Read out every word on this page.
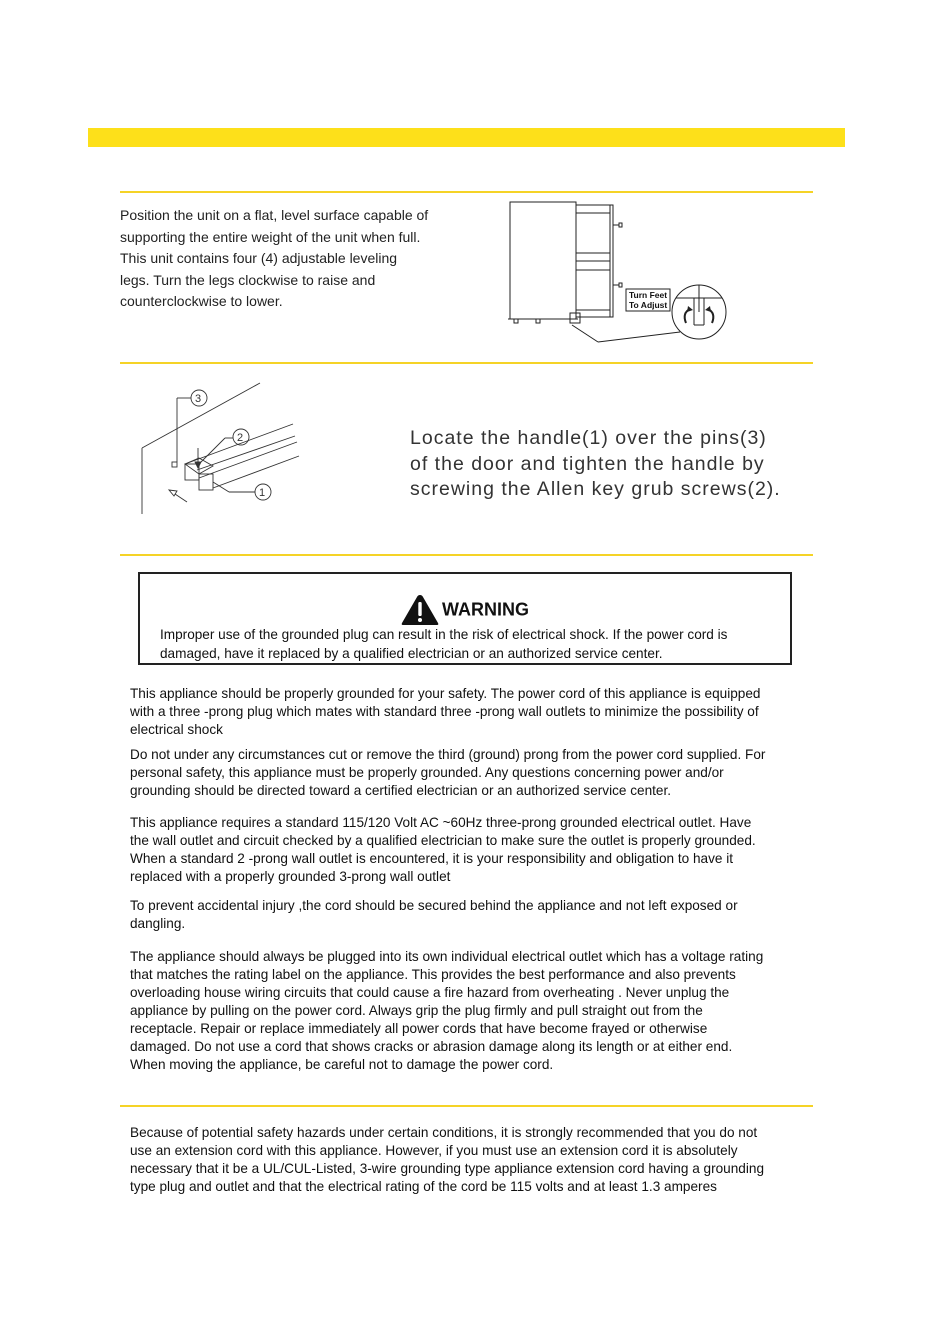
Position the unit on a flat, level surface capable of
supporting the entire weight of the unit when full.
This unit contains four (4) adjustable leveling
legs. Turn the legs clockwise to raise and
counterclockwise to lower.	Turn Feet
To Adjust
3
2
1
Locate the handle(1) over the pins(3)
of the door and tighten the handle by
screwing the Allen key grub screws(2).
WARNING
Improper use of the grounded plug can result in the risk of electrical shock. If the power cord is
damaged, have it replaced by a qualified electrician or an authorized service center.
This appliance should be properly grounded for your safety. The power cord of this appliance is equipped
with a three -prong plug which mates with standard three -prong wall outlets to minimize the possibility of
electrical shock
Do not under any circumstances cut or remove the third (ground) prong from the power cord supplied. For
personal safety, this appliance must be properly grounded. Any questions concerning power and/or
grounding should be directed toward a certified electrician or an authorized service center.
This appliance requires a standard 115/120 Volt AC ~60Hz three-prong grounded electrical outlet. Have
the wall outlet and circuit checked by a qualified electrician to make sure the outlet is properly grounded.
When a standard 2 -prong wall outlet is encountered, it is your responsibility and obligation to have it
replaced with a properly grounded 3-prong wall outlet
To prevent accidental injury ,the cord should be secured behind the appliance and not left exposed or
dangling.
The appliance should always be plugged into its own individual electrical outlet which has a voltage rating
that matches the rating label on the appliance. This provides the best performance and also prevents
overloading house wiring circuits that could cause a fire hazard from overheating . Never unplug the
appliance by pulling on the power cord. Always grip the plug firmly and pull straight out from the
receptacle. Repair or replace immediately all power cords that have become frayed or otherwise
damaged. Do not use a cord that shows cracks or abrasion damage along its length or at either end.
When moving the appliance, be careful not to damage the power cord.
Because of potential safety hazards under certain conditions, it is strongly recommended that you do not
use an extension cord with this appliance. However, if you must use an extension cord it is absolutely
necessary that it be a UL/CUL-Listed, 3-wire grounding type appliance extension cord having a grounding
type plug and outlet and that the electrical rating of the cord be 115 volts and at least 1.3 amperes
